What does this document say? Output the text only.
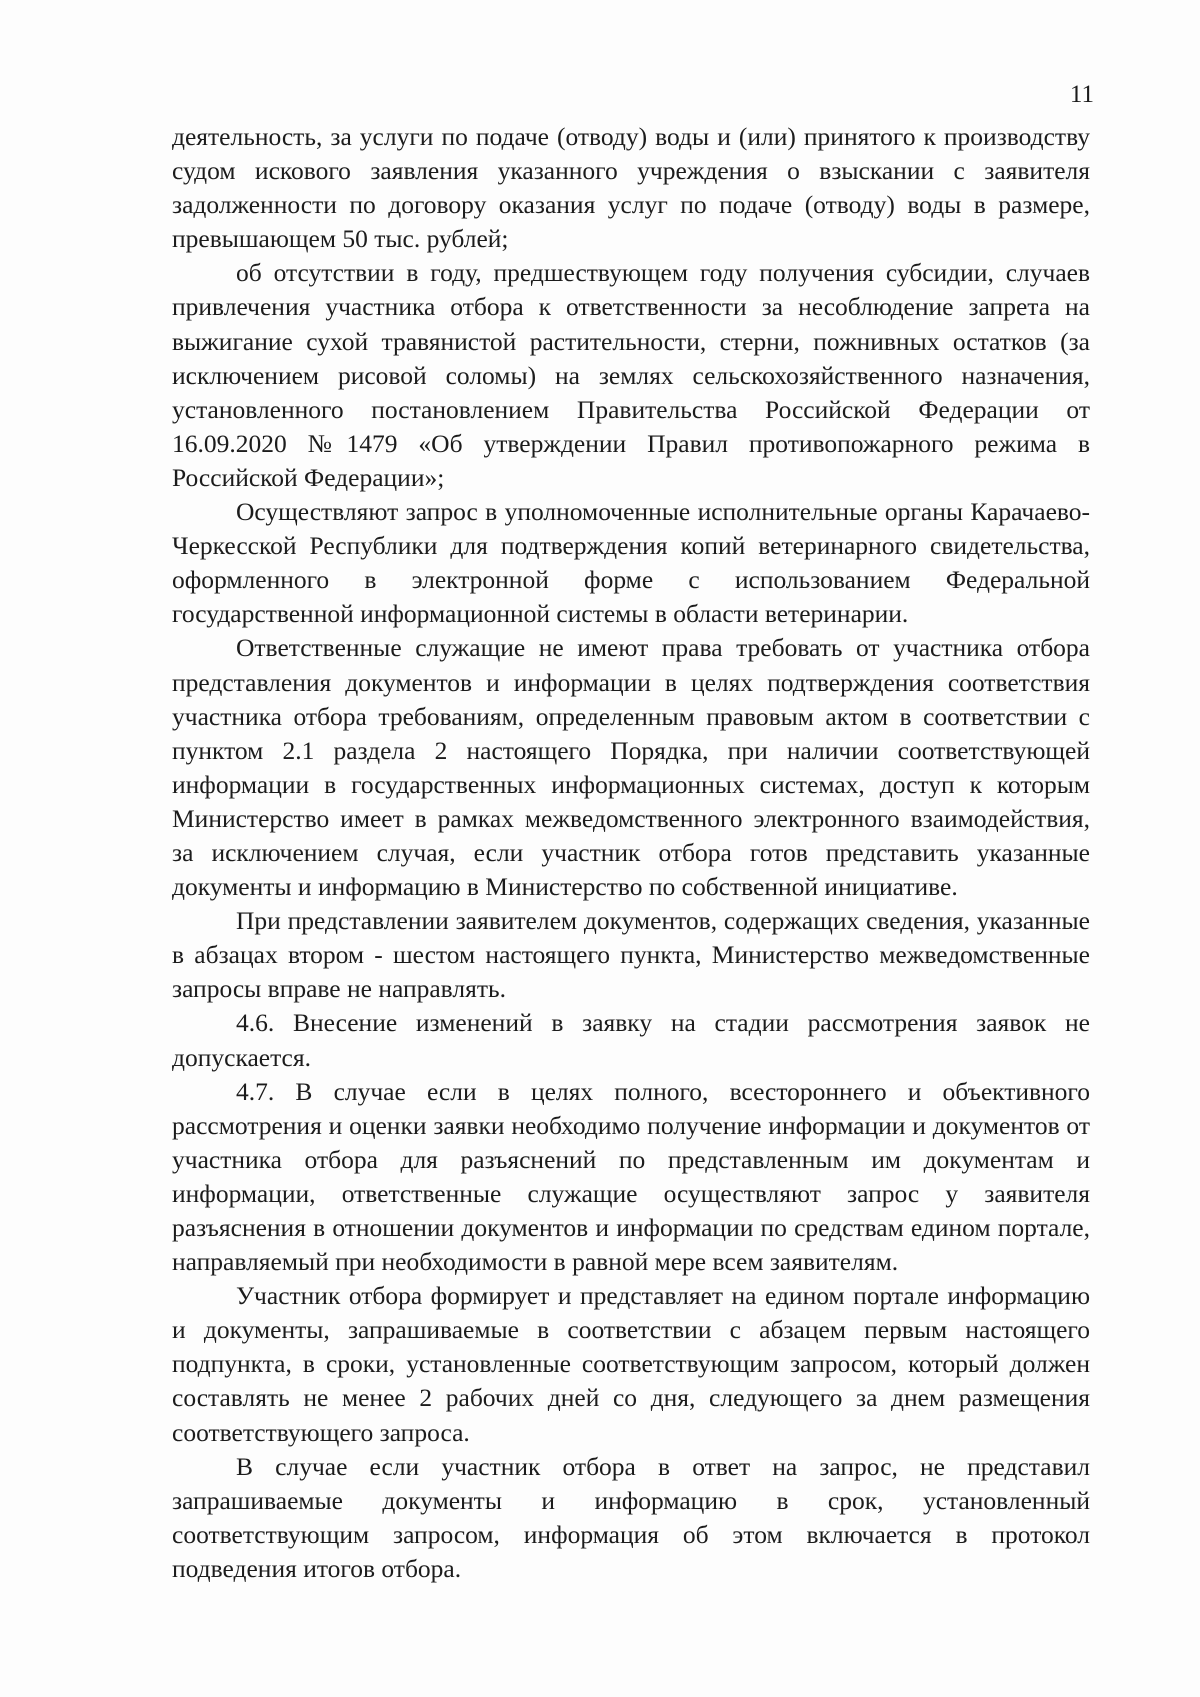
11

деятельность, за услуги по подаче (отводу) воды и (или) принятого к производству судом искового заявления указанного учреждения о взыскании с заявителя задолженности по договору оказания услуг по подаче (отводу) воды в размере, превышающем 50 тыс. рублей;

об отсутствии в году, предшествующем году получения субсидии, случаев привлечения участника отбора к ответственности за несоблюдение запрета на выжигание сухой травянистой растительности, стерни, пожнивных остатков (за исключением рисовой соломы) на землях сельскохозяйственного назначения, установленного постановлением Правительства Российской Федерации от 16.09.2020 №1479 «Об утверждении Правил противопожарного режима в Российской Федерации»;

Осуществляют запрос в уполномоченные исполнительные органы Карачаево-Черкесской Республики для подтверждения копий ветеринарного свидетельства, оформленного в электронной форме с использованием Федеральной государственной информационной системы в области ветеринарии.

Ответственные служащие не имеют права требовать от участника отбора представления документов и информации в целях подтверждения соответствия участника отбора требованиям, определенным правовым актом в соответствии с пунктом 2.1 раздела 2 настоящего Порядка, при наличии соответствующей информации в государственных информационных системах, доступ к которым Министерство имеет в рамках межведомственного электронного взаимодействия, за исключением случая, если участник отбора готов представить указанные документы и информацию в Министерство по собственной инициативе.

При представлении заявителем документов, содержащих сведения, указанные в абзацах втором - шестом настоящего пункта, Министерство межведомственные запросы вправе не направлять.

4.6. Внесение изменений в заявку на стадии рассмотрения заявок не допускается.

4.7. В случае если в целях полного, всестороннего и объективного рассмотрения и оценки заявки необходимо получение информации и документов от участника отбора для разъяснений по представленным им документам и информации, ответственные служащие осуществляют запрос у заявителя разъяснения в отношении документов и информации по средствам едином портале, направляемый при необходимости в равной мере всем заявителям.

Участник отбора формирует и представляет на едином портале информацию и документы, запрашиваемые в соответствии с абзацем первым настоящего подпункта, в сроки, установленные соответствующим запросом, который должен составлять не менее 2 рабочих дней со дня, следующего за днем размещения соответствующего запроса.

В случае если участник отбора в ответ на запрос, не представил запрашиваемые документы и информацию в срок, установленный соответствующим запросом, информация об этом включается в протокол подведения итогов отбора.
